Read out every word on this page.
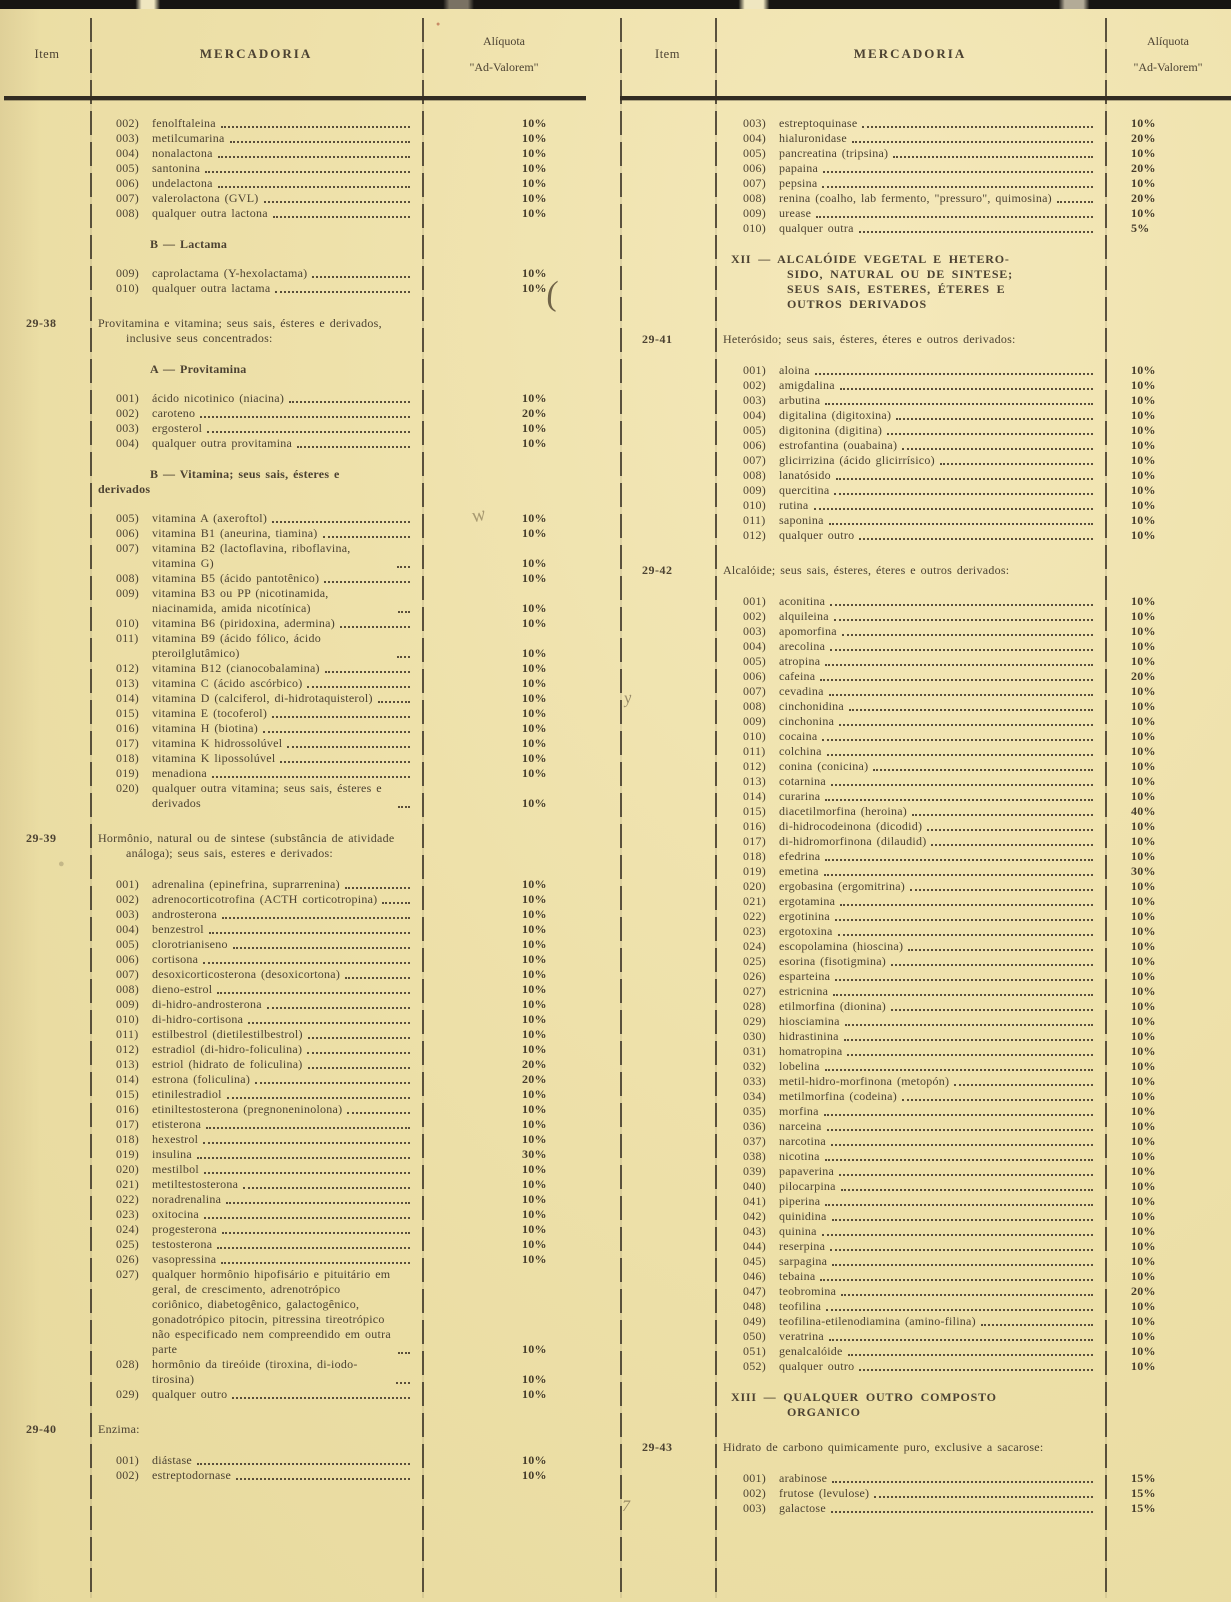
Item	MERCADORIA
Alíquota
"Ad-Valorem"
002)	fenolftaleina	10%
003)	metilcumarina	10%
004)	nonalactona	10%
005)	santonina	10%
006)	undelactona	10%
007)	valerolactona (GVL)	10%
008)	qualquer outra lactona	10%
B — Lactama
009)	caprolactama (Y-hexolactama)	10%
010)	qualquer outra lactama	10%
29-38	Provitamina e vitamina; seus sais, ésteres e derivados, inclusive seus concentrados:
A — Provitamina
001)	ácido nicotinico (niacina)	10%
002)	caroteno	20%
003)	ergosterol	10%
004)	qualquer outra provitamina	10%
B — Vitamina; seus sais, ésteres e
derivados
005)	vitamina A (axeroftol)	10%
006)	vitamina B1 (aneurina, tiamina)	10%
007)	vitamina B2 (lactoflavina, riboflavina, vitamina G)	10%
008)	vitamina B5 (ácido pantotênico)	10%
009)	vitamina B3 ou PP (nicotinamida, niacinamida, amida nicotínica)	10%
010)	vitamina B6 (piridoxina, adermina)	10%
011)	vitamina B9 (ácido fólico, ácido pteroilglutâmico)	10%
012)	vitamina B12 (cianocobalamina)	10%
013)	vitamina C (ácido ascórbico)	10%
014)	vitamina D (calciferol, di-hidrotaquisterol)	10%
015)	vitamina E (tocoferol)	10%
016)	vitamina H (biotina)	10%
017)	vitamina K hidrossolúvel	10%
018)	vitamina K lipossolúvel	10%
019)	menadiona	10%
020)	qualquer outra vitamina; seus sais, ésteres e derivados	10%
29-39	Hormônio, natural ou de sintese (substância de atividade análoga); seus sais, esteres e derivados:
001)	adrenalina (epinefrina, suprarrenina)	10%
002)	adrenocorticotrofina (ACTH corticotropina)	10%
003)	androsterona	10%
004)	benzestrol	10%
005)	clorotrianiseno	10%
006)	cortisona	10%
007)	desoxicorticosterona (desoxicortona)	10%
008)	dieno-estrol	10%
009)	di-hidro-androsterona	10%
010)	di-hidro-cortisona	10%
011)	estilbestrol (dietilestilbestrol)	10%
012)	estradiol (di-hidro-foliculina)	10%
013)	estriol (hidrato de foliculina)	20%
014)	estrona (foliculina)	20%
015)	etinilestradiol	10%
016)	etiniltestosterona (pregnoneninolona)	10%
017)	etisterona	10%
018)	hexestrol	10%
019)	insulina	30%
020)	mestilbol	10%
021)	metiltestosterona	10%
022)	noradrenalina	10%
023)	oxitocina	10%
024)	progesterona	10%
025)	testosterona	10%
026)	vasopressina	10%
027)	qualquer hormônio hipofisário e pituitário em geral, de crescimento, adrenotrópico coriônico, diabetogênico, galactogênico, gonadotrópico pitocin, pitressina tireotrópico não especificado nem compreendido em outra parte	10%
028)	hormônio da tireóide (tiroxina, di-iodo-tirosina)	10%
029)	qualquer outro	10%
29-40	Enzima:
001)	diástase	10%
002)	estreptodornase	10%
Item	MERCADORIA
Alíquota
"Ad-Valorem"
003)	estreptoquinase	10%
004)	hialuronidase	20%
005)	pancreatina (tripsina)	10%
006)	papaina	20%
007)	pepsina	10%
008)	renina (coalho, lab fermento, "pressuro", quimosina)	20%
009)	urease	10%
010)	qualquer outra	5%
XII — ALCALÓIDE VEGETAL E HETERO-
SIDO, NATURAL OU DE SINTESE;
SEUS SAIS, ESTERES, ÉTERES E
OUTROS DERIVADOS
29-41	Heterósido; seus sais, ésteres, éteres e outros derivados:
001)	aloina	10%
002)	amigdalina	10%
003)	arbutina	10%
004)	digitalina (digitoxina)	10%
005)	digitonina (digitina)	10%
006)	estrofantina (ouabaina)	10%
007)	glicirrizina (ácido glicirrísico)	10%
008)	lanatósido	10%
009)	quercitina	10%
010)	rutina	10%
011)	saponina	10%
012)	qualquer outro	10%
29-42	Alcalóide; seus sais, ésteres, éteres e outros derivados:
001)	aconitina	10%
002)	alquileina	10%
003)	apomorfina	10%
004)	arecolina	10%
005)	atropina	10%
006)	cafeina	20%
007)	cevadina	10%
008)	cinchonidina	10%
009)	cinchonina	10%
010)	cocaina	10%
011)	colchina	10%
012)	conina (conicina)	10%
013)	cotarnina	10%
014)	curarina	10%
015)	diacetilmorfina (heroina)	40%
016)	di-hidrocodeinona (dicodid)	10%
017)	di-hidromorfinona (dilaudid)	10%
018)	efedrina	10%
019)	emetina	30%
020)	ergobasina (ergomitrina)	10%
021)	ergotamina	10%
022)	ergotinina	10%
023)	ergotoxina	10%
024)	escopolamina (hioscina)	10%
025)	esorina (fisotigmina)	10%
026)	esparteina	10%
027)	estricnina	10%
028)	etilmorfina (dionina)	10%
029)	hiosciamina	10%
030)	hidrastinina	10%
031)	homatropina	10%
032)	lobelina	10%
033)	metil-hidro-morfinona (metopón)	10%
034)	metilmorfina (codeina)	10%
035)	morfina	10%
036)	narceina	10%
037)	narcotina	10%
038)	nicotina	10%
039)	papaverina	10%
040)	pilocarpina	10%
041)	piperina	10%
042)	quinidina	10%
043)	quinina	10%
044)	reserpina	10%
045)	sarpagina	10%
046)	tebaina	10%
047)	teobromina	20%
048)	teofilina	10%
049)	teofilina-etilenodiamina (amino-filina)	10%
050)	veratrina	10%
051)	genalcalóide	10%
052)	qualquer outro	10%
XIII — QUALQUER OUTRO COMPOSTO
ORGANICO
29-43	Hidrato de carbono quimicamente puro, exclusive a sacarose:
001)	arabinose	15%
002)	frutose (levulose)	15%
003)	galactose	15%
(
w
y
7
●
●
